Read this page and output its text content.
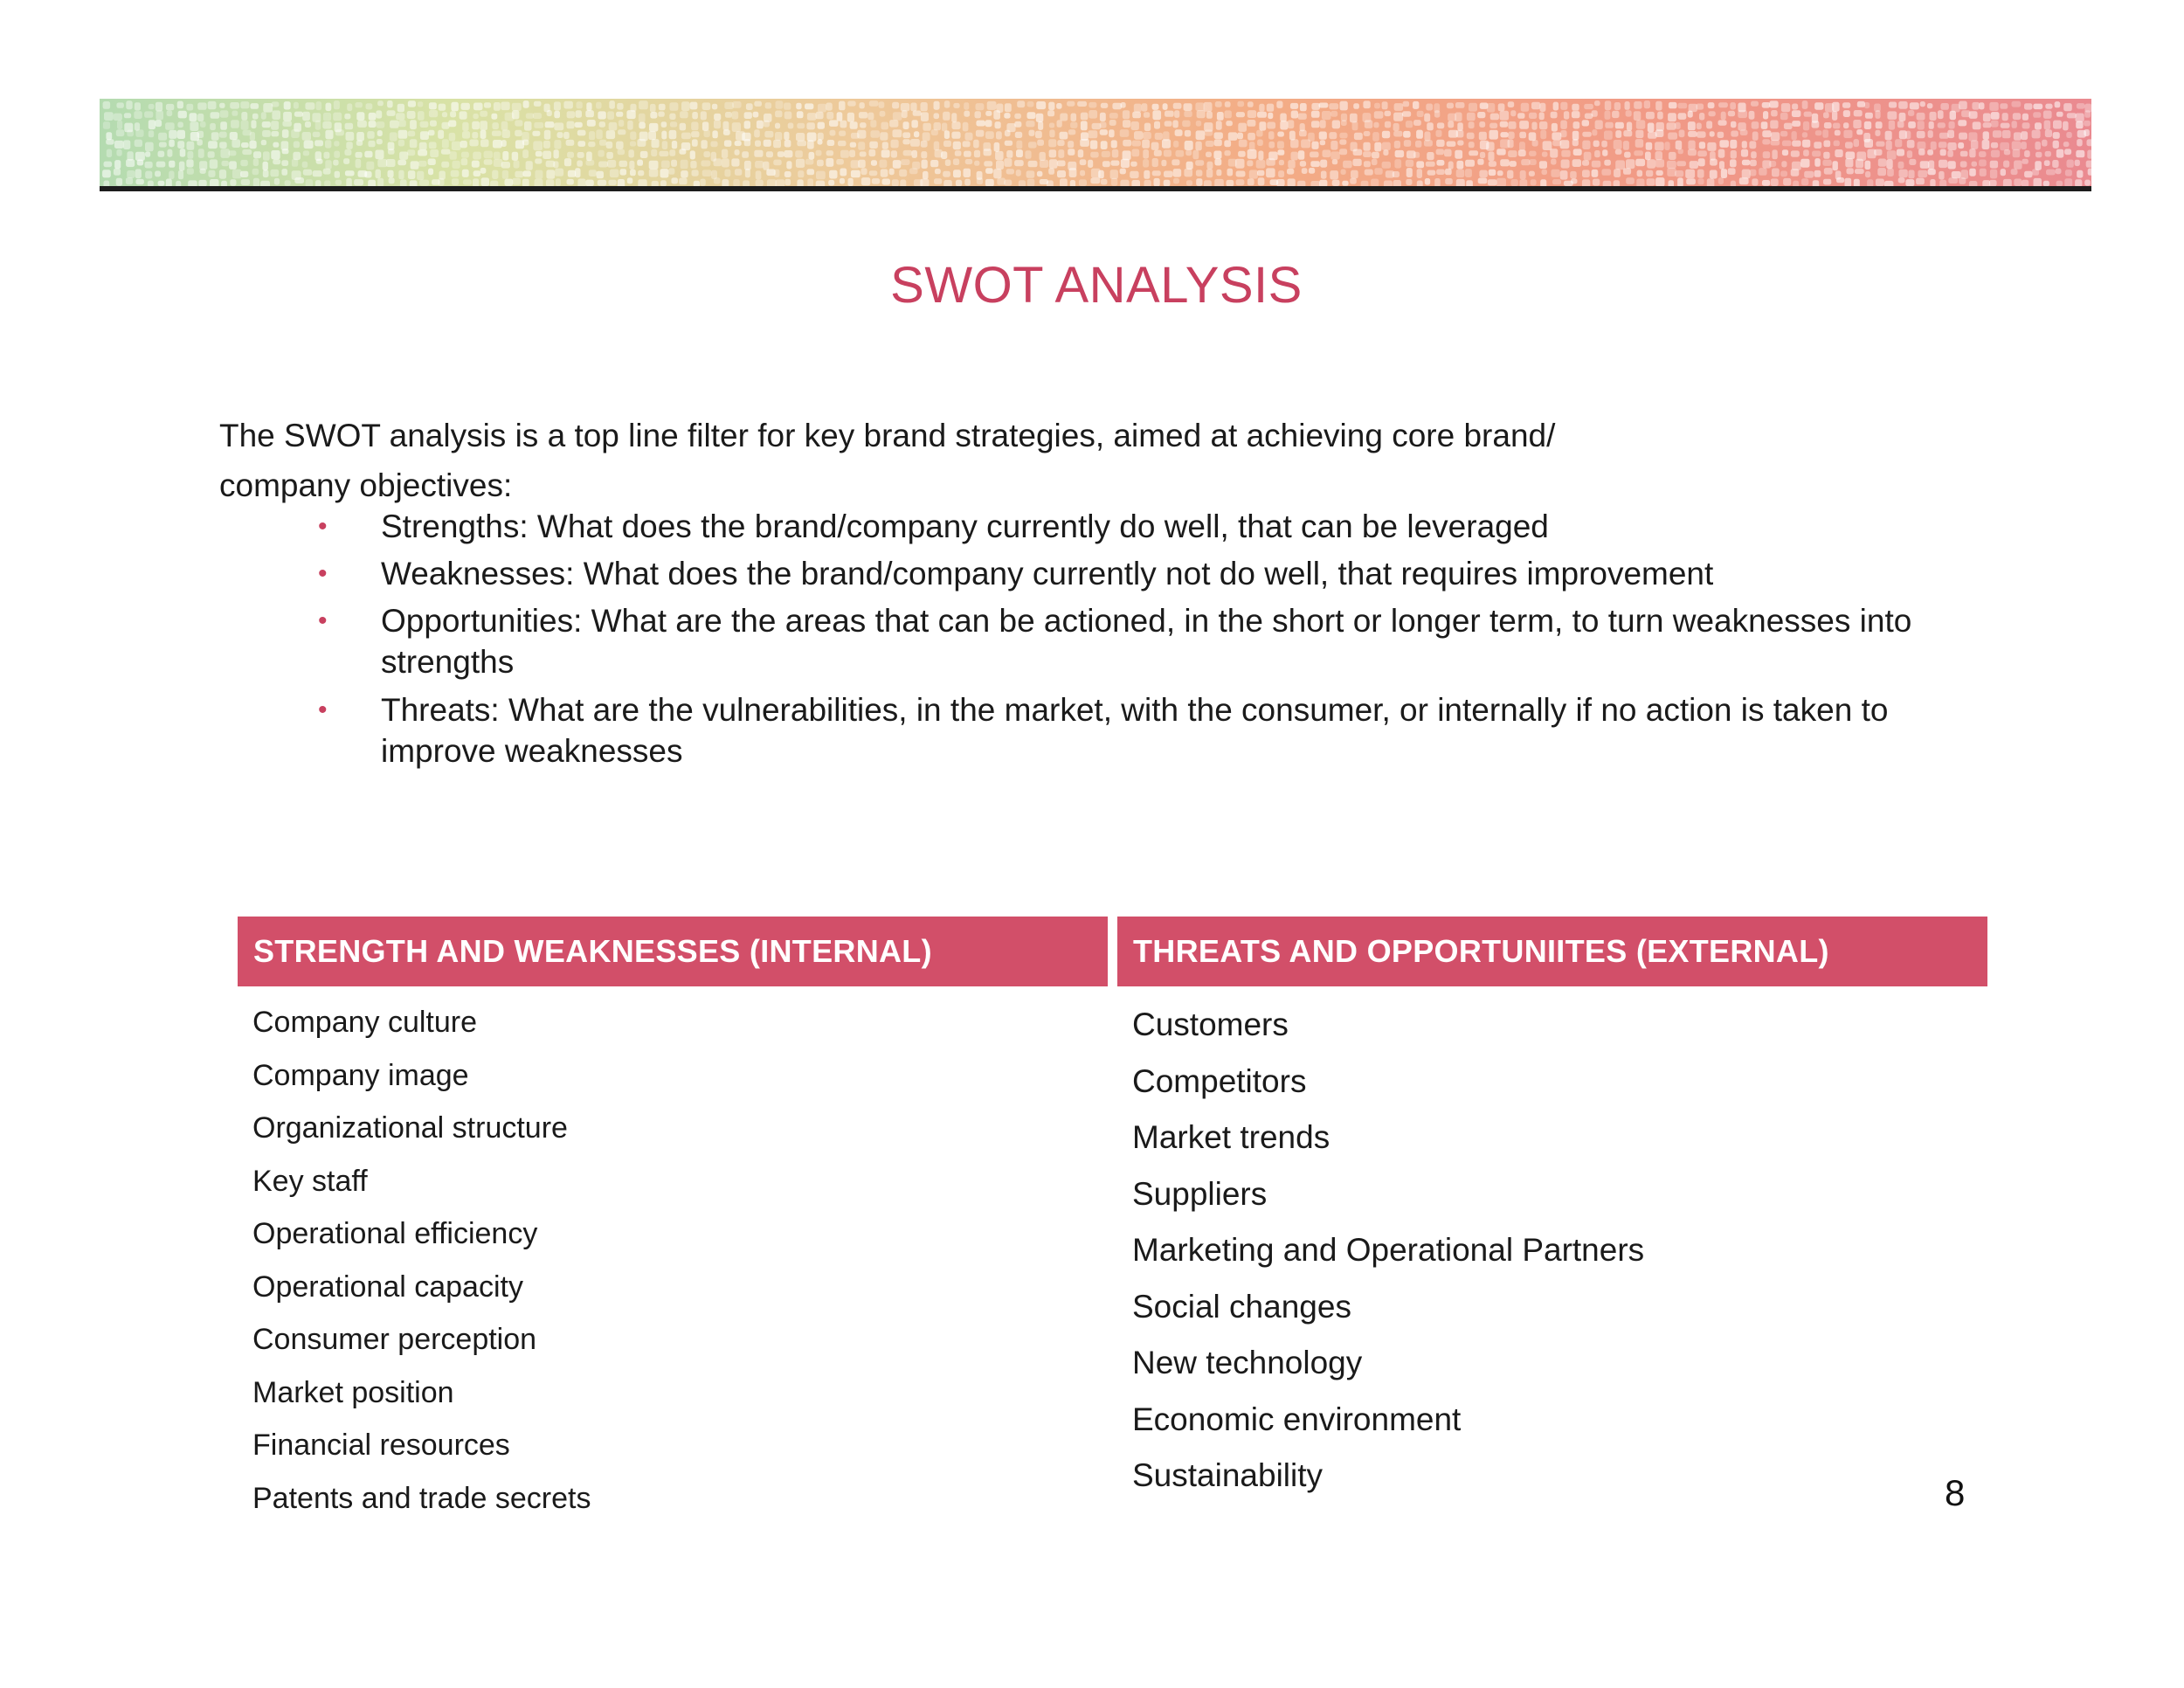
SWOT ANALYSIS

The SWOT analysis is a top line filter for key brand strategies, aimed at achieving core brand/

company objectives:

• Strengths: What does the brand/company currently do well, that can be leveraged
• Weaknesses: What does the brand/company currently not do well, that requires improvement
• Opportunities: What are the areas that can be actioned, in the short or longer term, to turn weaknesses into strengths
• Threats: What are the vulnerabilities, in the market, with the consumer, or internally if no action is taken to improve weaknesses
STRENGTH AND WEAKNESSES (INTERNAL)	THREATS AND OPPORTUNIITES (EXTERNAL)
Company culture
Company image
Organizational structure
Key staff
Operational efficiency
Operational capacity
Consumer perception
Market position
Financial resources
Patents and trade secrets
Customers
Competitors
Market trends
Suppliers
Marketing and Operational Partners
Social changes
New technology
Economic environment
Sustainability	8
